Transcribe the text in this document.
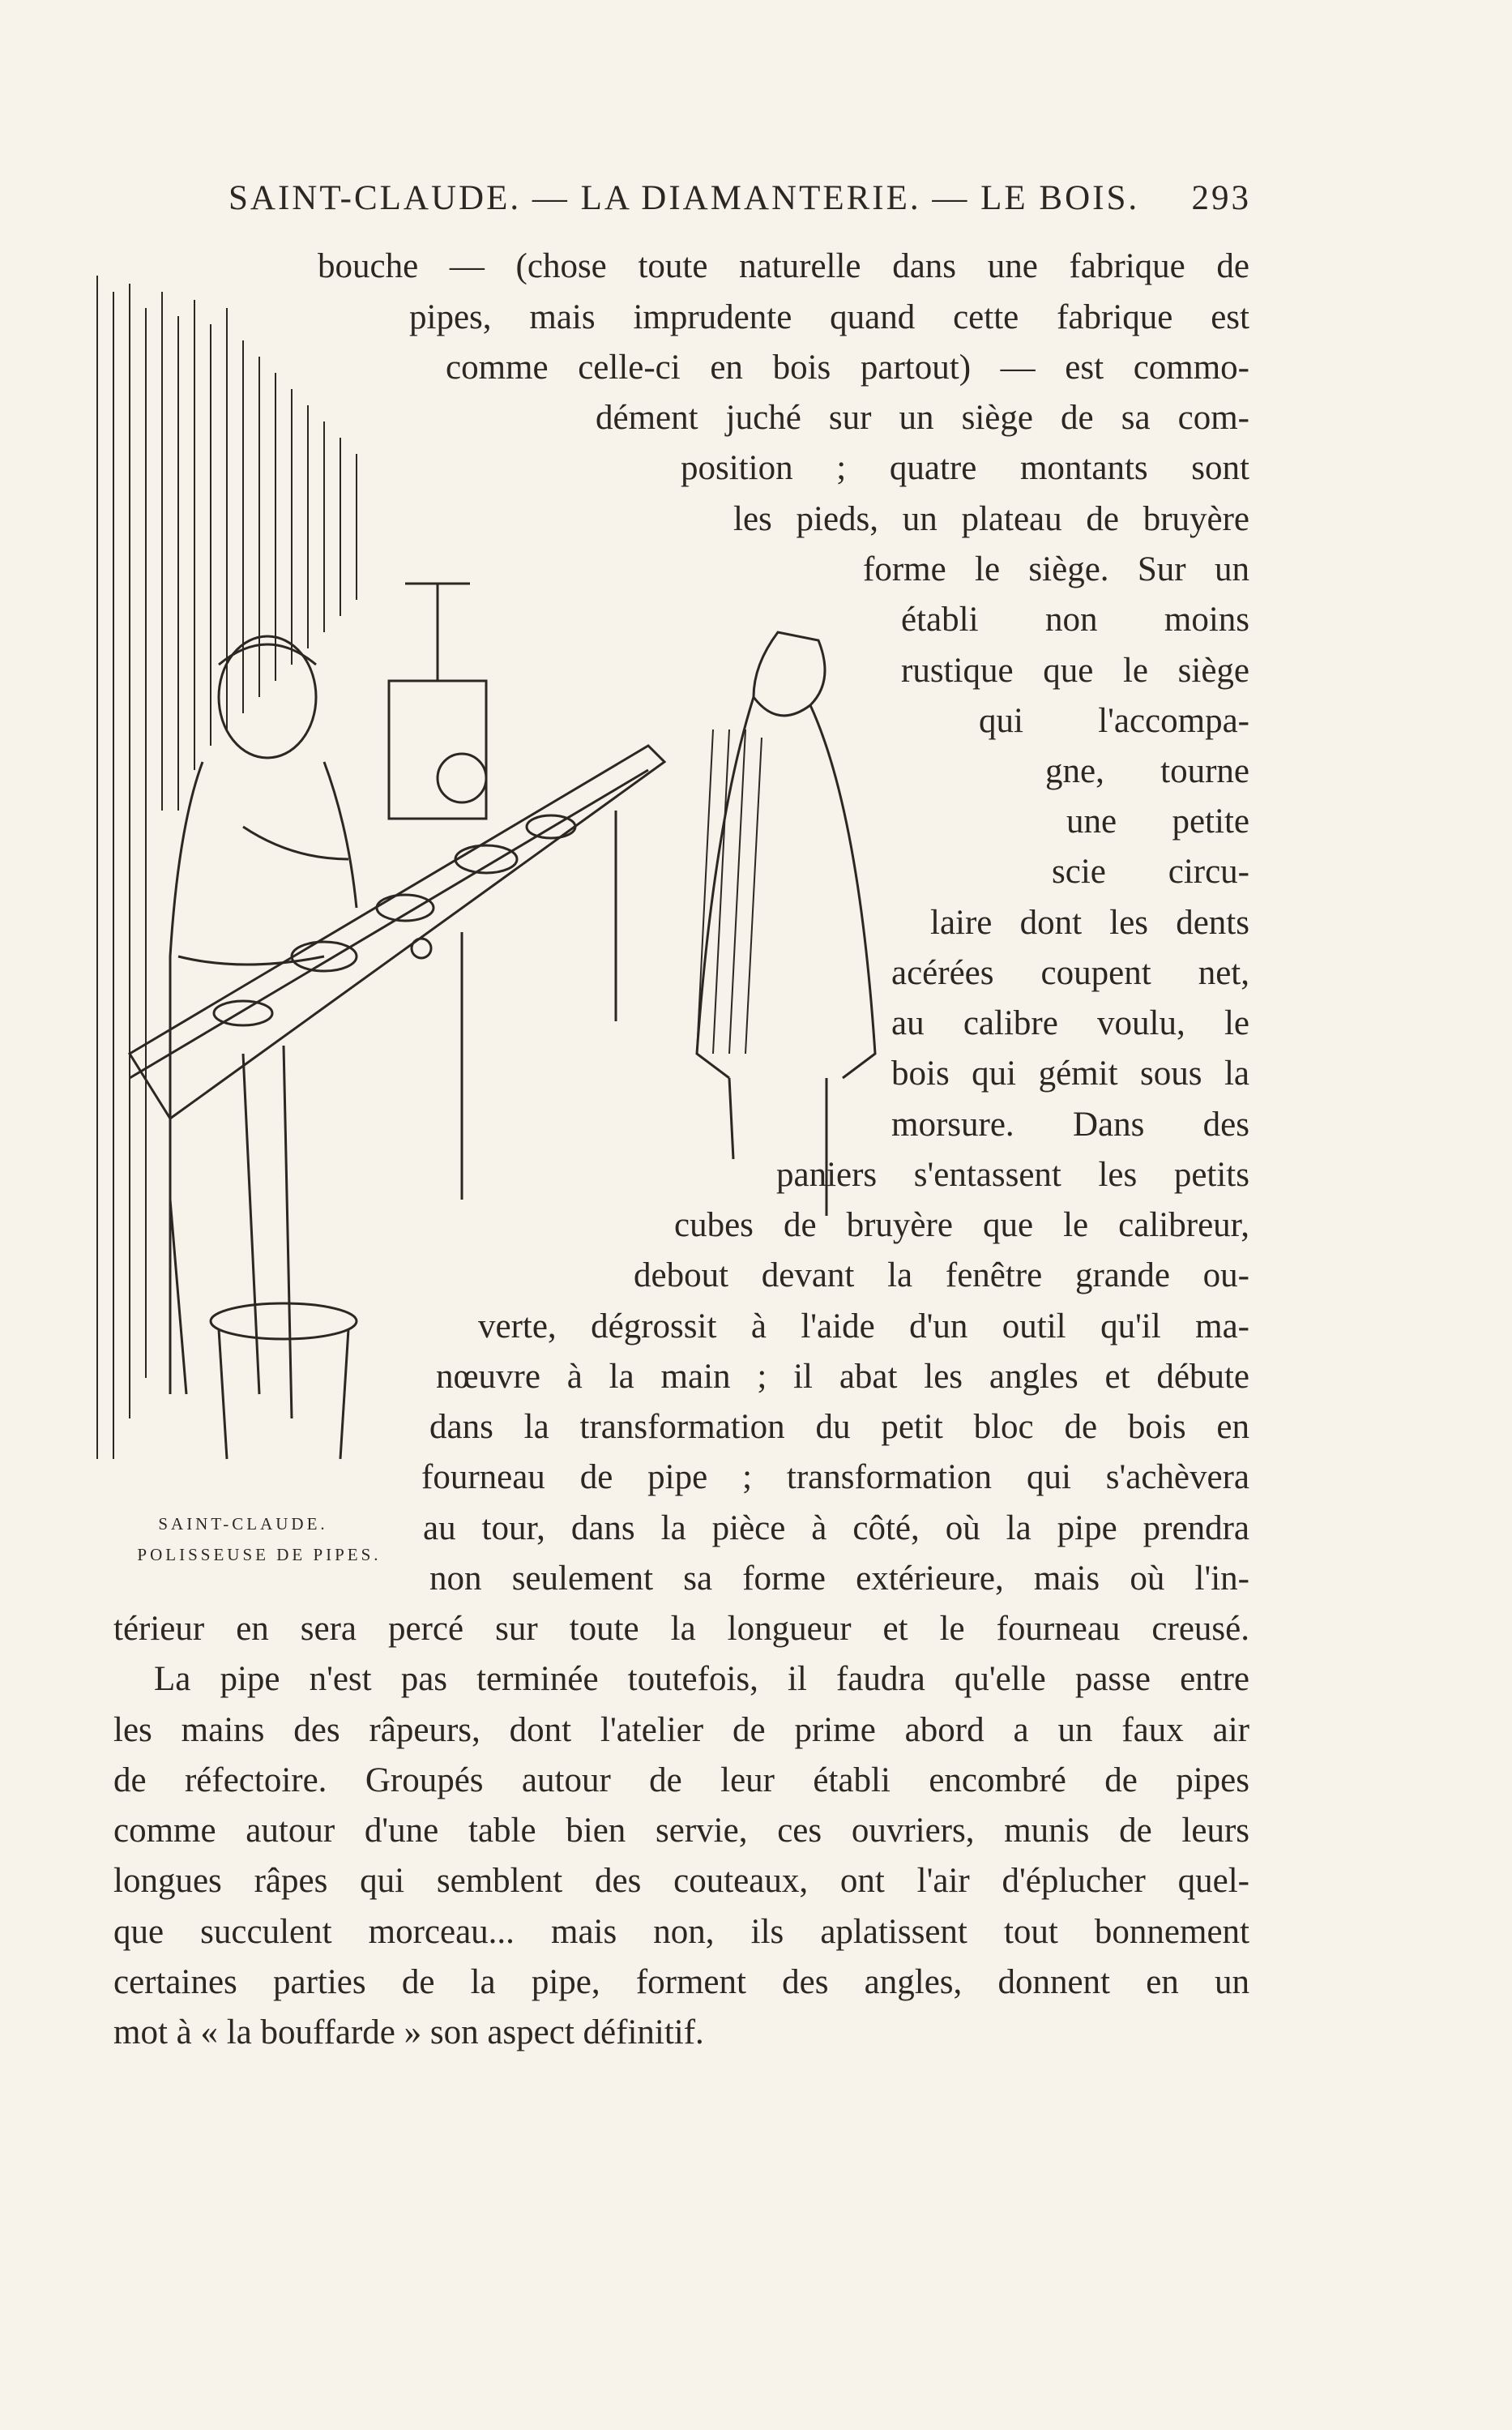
SAINT-CLAUDE. — LA DIAMANTERIE. — LE BOIS. 293
bouche — (chose toute naturelle dans une fabrique de
pipes, mais imprudente quand cette fabrique est
comme celle-ci en bois partout) — est commo-
dément juché sur un siège de sa com-
position ; quatre montants sont
les pieds, un plateau de bruyère
forme le siège. Sur un
établi non moins
rustique que le siège
qui l'accompa-
gne, tourne
une petite
scie circu-
laire dont les dents
acérées coupent net,
au calibre voulu, le
bois qui gémit sous la
morsure. Dans des
paniers s'entassent les petits
cubes de bruyère que le calibreur,
debout devant la fenêtre grande ou-
verte, dégrossit à l'aide d'un outil qu'il ma-
nœuvre à la main ; il abat les angles et débute
dans la transformation du petit bloc de bois en
fourneau de pipe ; transformation qui s'achèvera
au tour, dans la pièce à côté, où la pipe prendra
non seulement sa forme extérieure, mais où l'in-
térieur en sera percé sur toute la longueur et le fourneau creusé.
La pipe n'est pas terminée toutefois, il faudra qu'elle passe entre
les mains des râpeurs, dont l'atelier de prime abord a un faux air
de réfectoire. Groupés autour de leur établi encombré de pipes
comme autour d'une table bien servie, ces ouvriers, munis de leurs
longues râpes qui semblent des couteaux, ont l'air d'éplucher quel-
que succulent morceau... mais non, ils aplatissent tout bonnement
certaines parties de la pipe, forment des angles, donnent en un
mot à « la bouffarde » son aspect définitif.
SAINT-CLAUDE.
POLISSEUSE DE PIPES.
